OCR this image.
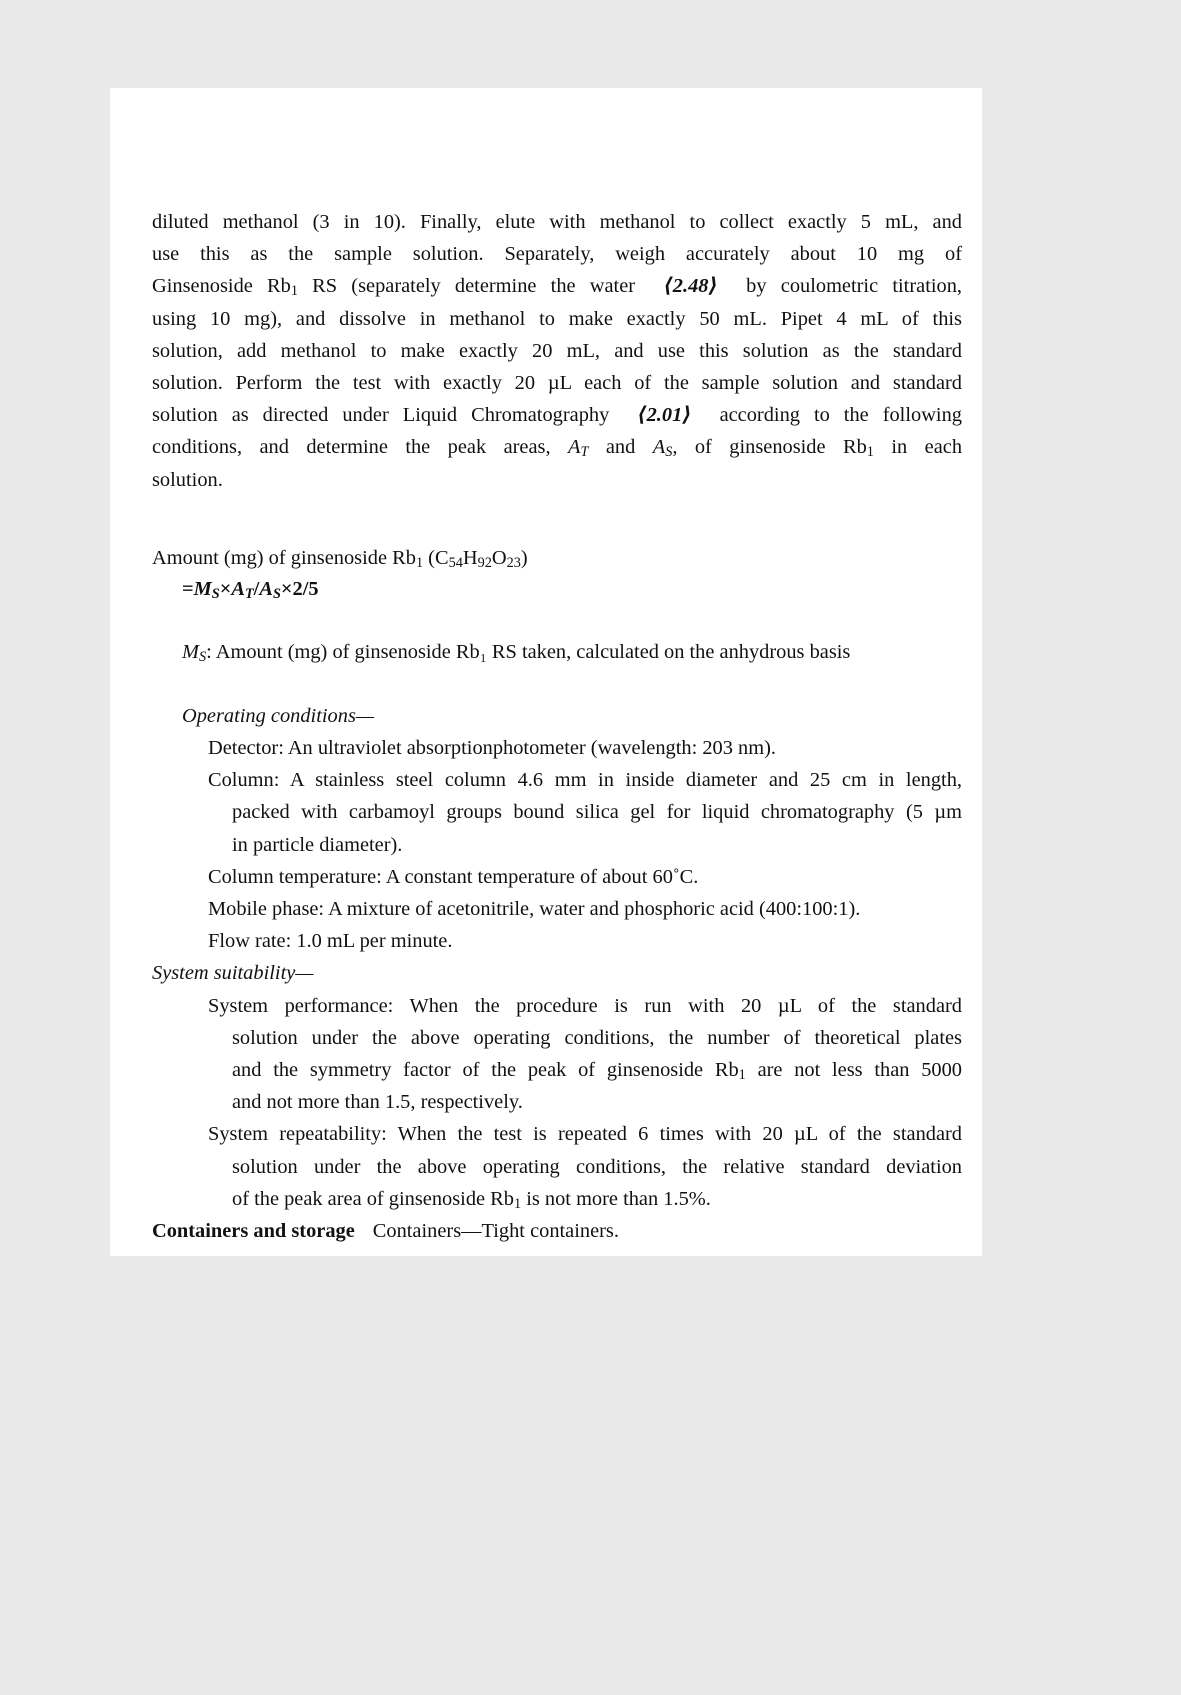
diluted methanol (3 in 10). Finally, elute with methanol to collect exactly 5 mL, and
use this as the sample solution. Separately, weigh accurately about 10 mg of
Ginsenoside $Rb_1$ RS (separately determine the water  ⟨2.48⟩  by coulometric titration,
using 10 mg), and dissolve in methanol to make exactly 50 mL. Pipet 4 mL of this
solution, add methanol to make exactly 20 mL, and use this solution as the standard
solution. Perform the test with exactly 20 µL each of the sample solution and standard
solution as directed under Liquid Chromatography  ⟨2.01⟩  according to the following
conditions, and determine the peak areas, $A_T$ and $A_S$, of ginsenoside $Rb_1$ in each
solution.
Amount (mg) of ginsenoside $Rb_1$ $(C_{54}H_{92}O_{23})$
$=M_S\times A_T/A_S\times 2/5$
$M_S$: Amount (mg) of ginsenoside Rb₁ RS taken, calculated on the anhydrous basis
Operating conditions—
Detector: An ultraviolet absorptionphotometer (wavelength: 203 nm).
Column: A stainless steel column 4.6 mm in inside diameter and 25 cm in length,
packed with carbamoyl groups bound silica gel for liquid chromatography (5 µm
in particle diameter).
Column temperature: A constant temperature of about 60˚C.
Mobile phase: A mixture of acetonitrile, water and phosphoric acid (400:100:1).
Flow rate: 1.0 mL per minute.
System suitability—
System performance: When the procedure is run with 20 µL of the standard
solution under the above operating conditions, the number of theoretical plates
and the symmetry factor of the peak of ginsenoside $Rb_1$ are not less than 5000
and not more than 1.5, respectively.
System repeatability: When the test is repeated 6 times with 20 µL of the standard
solution under the above operating conditions, the relative standard deviation
of the peak area of ginsenoside $Rb_1$ is not more than 1.5%.
Containers and storage Containers—Tight containers.
